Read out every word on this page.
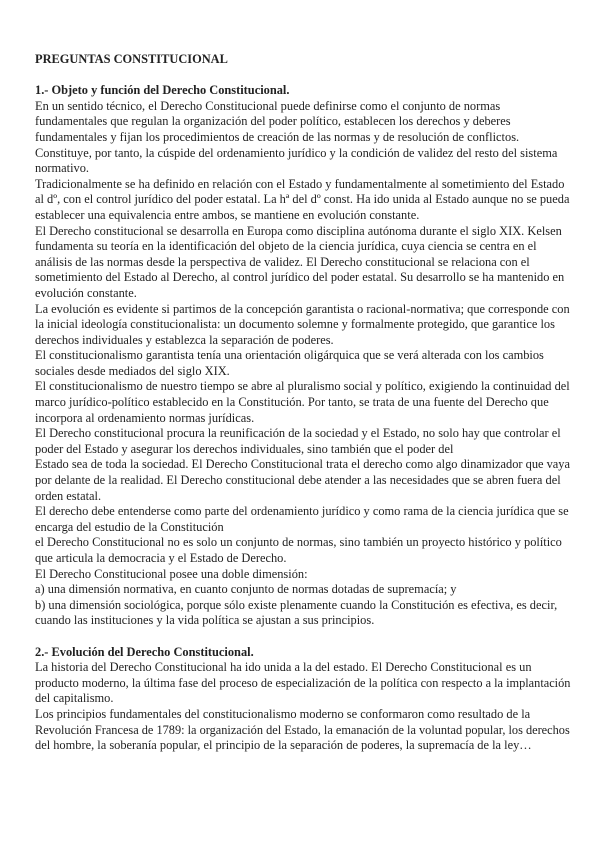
PREGUNTAS CONSTITUCIONAL
1.- Objeto y función del Derecho Constitucional.
En un sentido técnico, el Derecho Constitucional puede definirse como el conjunto de normas
fundamentales que regulan la organización del poder político, establecen los derechos y deberes
fundamentales y fijan los procedimientos de creación de las normas y de resolución de conflictos.
Constituye, por tanto, la cúspide del ordenamiento jurídico y la condición de validez del resto del sistema
normativo.
Tradicionalmente se ha definido en relación con el Estado y fundamentalmente al sometimiento del Estado
al dº, con el control jurídico del poder estatal. La hª del dº const. Ha ido unida al Estado aunque no se pueda
establecer una equivalencia entre ambos, se mantiene en evolución constante.
El Derecho constitucional se desarrolla en Europa como disciplina autónoma durante el siglo XIX. Kelsen
fundamenta su teoría en la identificación del objeto de la ciencia jurídica, cuya ciencia se centra en el
análisis de las normas desde la perspectiva de validez. El Derecho constitucional se relaciona con el
sometimiento del Estado al Derecho, al control jurídico del poder estatal. Su desarrollo se ha mantenido en
evolución constante.
La evolución es evidente si partimos de la concepción garantista o racional-normativa; que corresponde con
la inicial ideología constitucionalista: un documento solemne y formalmente protegido, que garantice los
derechos individuales y establezca la separación de poderes.
El constitucionalismo garantista tenía una orientación oligárquica que se verá alterada con los cambios
sociales desde mediados del siglo XIX.
El constitucionalismo de nuestro tiempo se abre al pluralismo social y político, exigiendo la continuidad del
marco jurídico-político establecido en la Constitución. Por tanto, se trata de una fuente del Derecho que
incorpora al ordenamiento normas jurídicas.
El Derecho constitucional procura la reunificación de la sociedad y el Estado, no solo hay que controlar el
poder del Estado y asegurar los derechos individuales, sino también que el poder del
Estado sea de toda la sociedad. El Derecho Constitucional trata el derecho como algo dinamizador que vaya
por delante de la realidad. El Derecho constitucional debe atender a las necesidades que se abren fuera del
orden estatal.
El derecho debe entenderse como parte del ordenamiento jurídico y como rama de la ciencia jurídica que se
encarga del estudio de la Constitución
el Derecho Constitucional no es solo un conjunto de normas, sino también un proyecto histórico y político
que articula la democracia y el Estado de Derecho.
El Derecho Constitucional posee una doble dimensión:
a) una dimensión normativa, en cuanto conjunto de normas dotadas de supremacía; y
b) una dimensión sociológica, porque sólo existe plenamente cuando la Constitución es efectiva, es decir,
cuando las instituciones y la vida política se ajustan a sus principios.
2.- Evolución del Derecho Constitucional.
La historia del Derecho Constitucional ha ido unida a la del estado. El Derecho Constitucional es un
producto moderno, la última fase del proceso de especialización de la política con respecto a la implantación
del capitalismo.
Los principios fundamentales del constitucionalismo moderno se conformaron como resultado de la
Revolución Francesa de 1789: la organización del Estado, la emanación de la voluntad popular, los derechos
del hombre, la soberanía popular, el principio de la separación de poderes, la supremacía de la ley…
